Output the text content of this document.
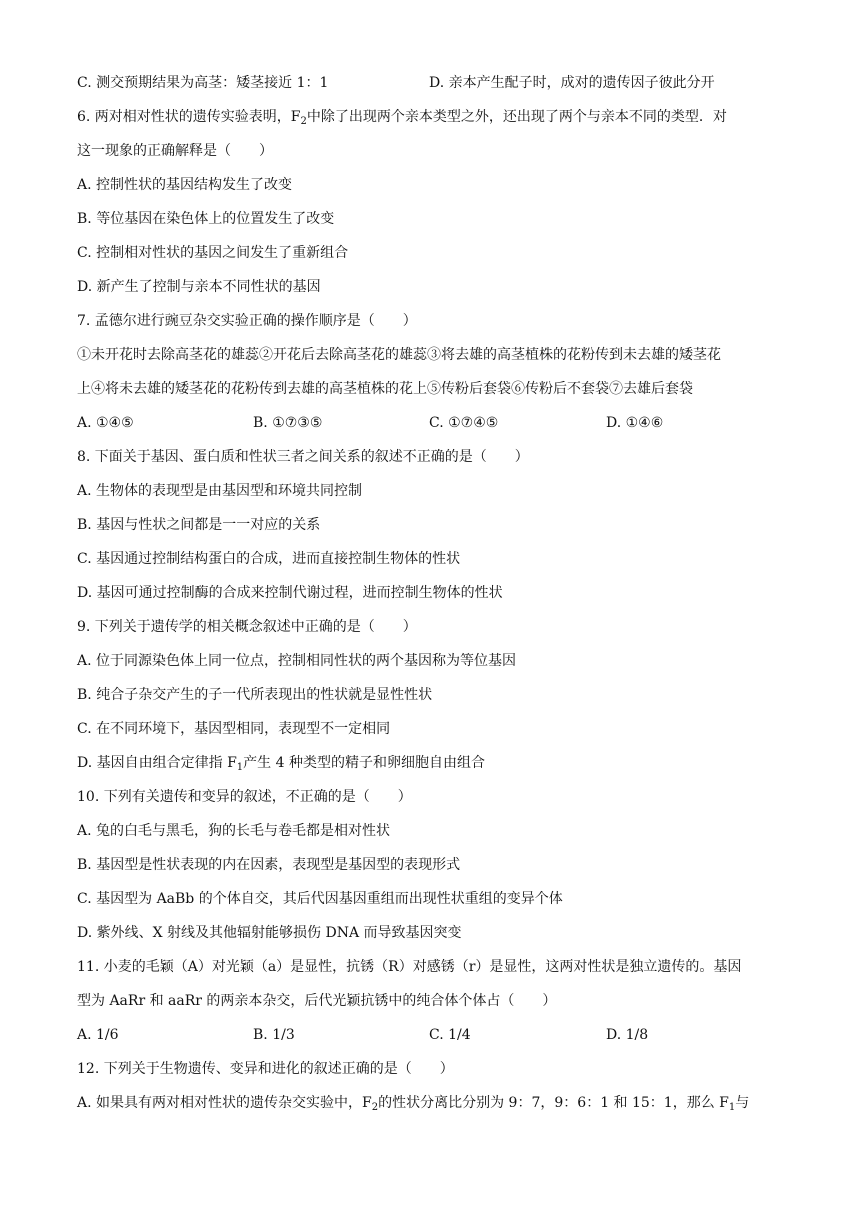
C. 测交预期结果为高茎：矮茎接近 1：1	D. 亲本产生配子时，成对的遗传因子彼此分开
6. 两对相对性状的遗传实验表明，$F_2$中除了出现两个亲本类型之外，还出现了两个与亲本不同的类型．对
这一现象的正确解释是（　　）
A. 控制性状的基因结构发生了改变
B. 等位基因在染色体上的位置发生了改变
C. 控制相对性状的基因之间发生了重新组合
D. 新产生了控制与亲本不同性状的基因
7. 孟德尔进行豌豆杂交实验正确的操作顺序是（　　）
①未开花时去除高茎花的雄蕊②开花后去除高茎花的雄蕊③将去雄的高茎植株的花粉传到未去雄的矮茎花
上④将未去雄的矮茎花的花粉传到去雄的高茎植株的花上⑤传粉后套袋⑥传粉后不套袋⑦去雄后套袋
A. ①④⑤	B. ①⑦③⑤	C. ①⑦④⑤	D. ①④⑥
8. 下面关于基因、蛋白质和性状三者之间关系的叙述不正确的是（　　）
A. 生物体的表现型是由基因型和环境共同控制
B. 基因与性状之间都是一一对应的关系
C. 基因通过控制结构蛋白的合成，进而直接控制生物体的性状
D. 基因可通过控制酶的合成来控制代谢过程，进而控制生物体的性状
9. 下列关于遗传学的相关概念叙述中正确的是（　　）
A. 位于同源染色体上同一位点，控制相同性状的两个基因称为等位基因
B. 纯合子杂交产生的子一代所表现出的性状就是显性性状
C. 在不同环境下，基因型相同，表现型不一定相同
D. 基因自由组合定律指 $F_1$产生 4 种类型的精子和卵细胞自由组合
10. 下列有关遗传和变异的叙述，不正确的是（　　）
A. 兔的白毛与黑毛，狗的长毛与卷毛都是相对性状
B. 基因型是性状表现的内在因素，表现型是基因型的表现形式
C. 基因型为 AaBb 的个体自交，其后代因基因重组而出现性状重组的变异个体
D. 紫外线、X 射线及其他辐射能够损伤 DNA 而导致基因突变
11. 小麦的毛颖（A）对光颖（a）是显性，抗锈（R）对感锈（r）是显性，这两对性状是独立遗传的。基因
型为 AaRr 和 aaRr 的两亲本杂交，后代光颖抗锈中的纯合体个体占（　　）
A. 1/6	B. 1/3	C. 1/4	D. 1/8
12. 下列关于生物遗传、变异和进化的叙述正确的是（　　）
A. 如果具有两对相对性状的遗传杂交实验中，$F_2$的性状分离比分别为 9：7，9：6：1 和 15：1，那么 $F_1$与
